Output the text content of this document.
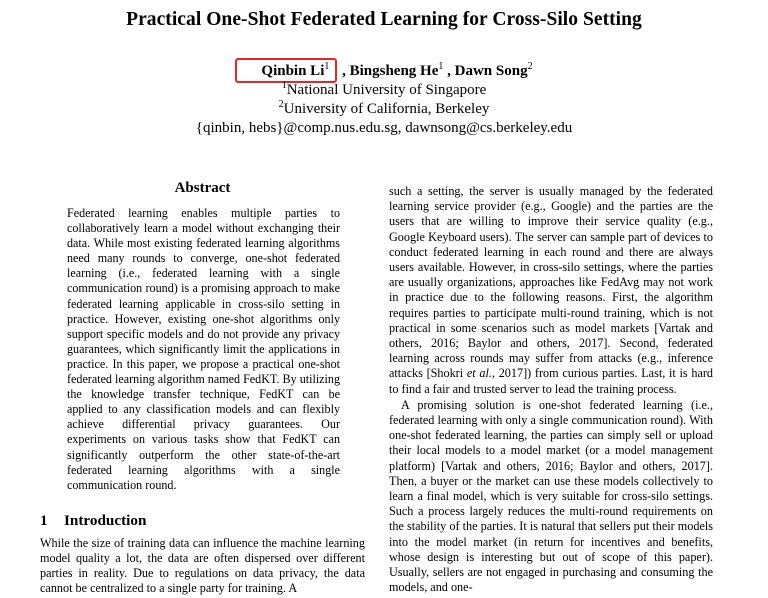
Practical One-Shot Federated Learning for Cross-Silo Setting
Qinbin Li$^1$ , Bingsheng He$^1$ , Dawn Song$^2$
$^1$National University of Singapore
$^2$University of California, Berkeley
{qinbin, hebs}@comp.nus.edu.sg, dawnsong@cs.berkeley.edu
Abstract

Federated learning enables multiple parties to collaboratively learn a model without exchanging their data. While most existing federated learning algorithms need many rounds to converge, one-shot federated learning (i.e., federated learning with a single communication round) is a promising approach to make federated learning applicable in cross-silo setting in practice. However, existing one-shot algorithms only support specific models and do not provide any privacy guarantees, which significantly limit the applications in practice. In this paper, we propose a practical one-shot federated learning algorithm named FedKT. By utilizing the knowledge transfer technique, FedKT can be applied to any classification models and can flexibly achieve differential privacy guarantees. Our experiments on various tasks show that FedKT can significantly outperform the other state-of-the-art federated learning algorithms with a single communication round.

1 Introduction

While the size of training data can influence the machine learning model quality a lot, the data are often dispersed over different parties in reality. Due to regulations on data privacy, the data cannot be centralized to a single party for training. A

such a setting, the server is usually managed by the federated learning service provider (e.g., Google) and the parties are the users that are willing to improve their service quality (e.g., Google Keyboard users). The server can sample part of devices to conduct federated learning in each round and there are always users available. However, in cross-silo settings, where the parties are usually organizations, approaches like FedAvg may not work in practice due to the following reasons. First, the algorithm requires parties to participate multi-round training, which is not practical in some scenarios such as model markets [Vartak and others, 2016; Baylor and others, 2017]. Second, federated learning across rounds may suffer from attacks (e.g., inference attacks [Shokri et al., 2017]) from curious parties. Last, it is hard to find a fair and trusted server to lead the training process.

A promising solution is one-shot federated learning (i.e., federated learning with only a single communication round). With one-shot federated learning, the parties can simply sell or upload their local models to a model market (or a model management platform) [Vartak and others, 2016; Baylor and others, 2017]. Then, a buyer or the market can use these models collectively to learn a final model, which is very suitable for cross-silo settings. Such a process largely reduces the multi-round requirements on the stability of the parties. It is natural that sellers put their models into the model market (in return for incentives and benefits, whose design is interesting but out of scope of this paper). Usually, sellers are not engaged in purchasing and consuming the models, and one-
